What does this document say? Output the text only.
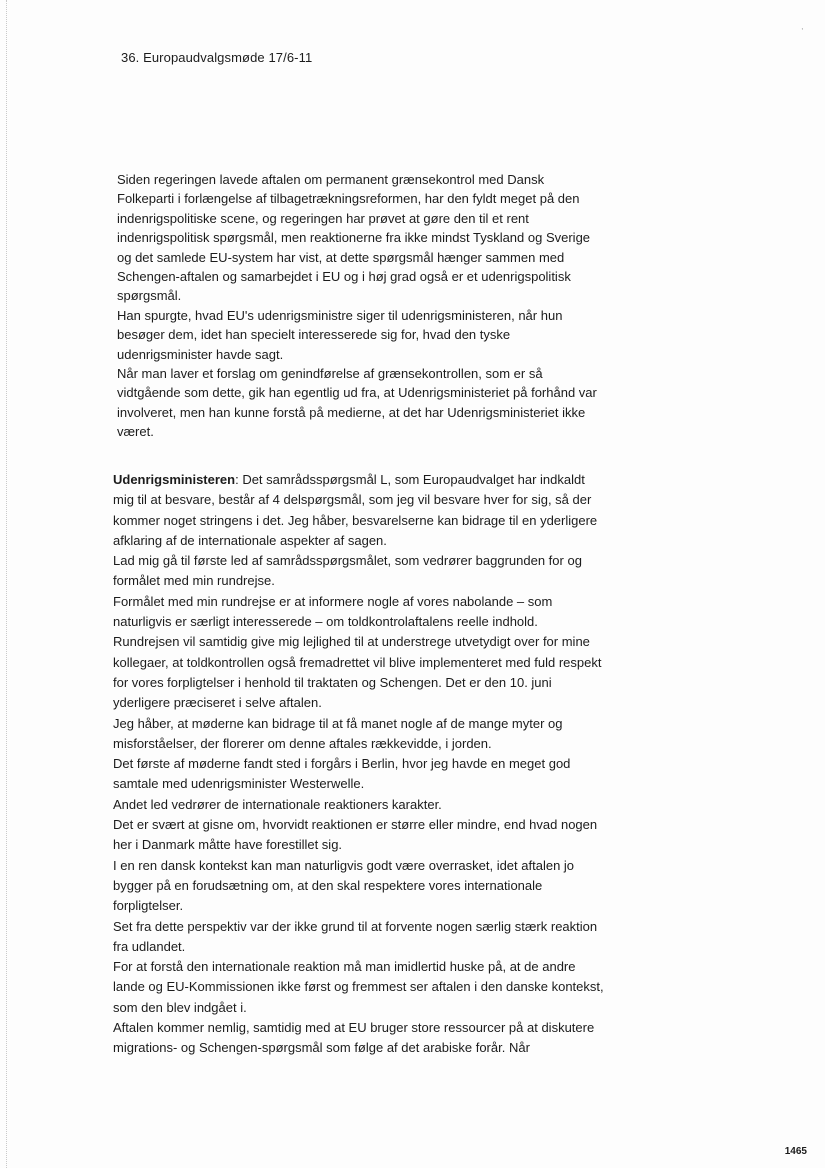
'
36. Europaudvalgsmøde 17/6-11

Siden regeringen lavede aftalen om permanent grænsekontrol med Dansk Folkeparti i forlængelse af tilbagetrækningsreformen, har den fyldt meget på den indenrigspolitiske scene, og regeringen har prøvet at gøre den til et rent indenrigspolitisk spørgsmål, men reaktionerne fra ikke mindst Tyskland og Sverige og det samlede EU-system har vist, at dette spørgsmål hænger sammen med Schengen-aftalen og samarbejdet i EU og i høj grad også er et udenrigspolitisk spørgsmål.

Han spurgte, hvad EU's udenrigsministre siger til udenrigsministeren, når hun besøger dem, idet han specielt interesserede sig for, hvad den tyske udenrigsminister havde sagt.

Når man laver et forslag om genindførelse af grænsekontrollen, som er så vidtgående som dette, gik han egentlig ud fra, at Udenrigsministeriet på forhånd var involveret, men han kunne forstå på medierne, at det har Udenrigsministeriet ikke været.

Udenrigsministeren: Det samrådsspørgsmål L, som Europaudvalget har indkaldt mig til at besvare, består af 4 delspørgsmål, som jeg vil besvare hver for sig, så der kommer noget stringens i det. Jeg håber, besvarelserne kan bidrage til en yderligere afklaring af de internationale aspekter af sagen.

Lad mig gå til første led af samrådsspørgsmålet, som vedrører baggrunden for og formålet med min rundrejse.

Formålet med min rundrejse er at informere nogle af vores nabolande – som naturligvis er særligt interesserede – om toldkontrolaftalens reelle indhold.

Rundrejsen vil samtidig give mig lejlighed til at understrege utvetydigt over for mine kollegaer, at toldkontrollen også fremadrettet vil blive implementeret med fuld respekt for vores forpligtelser i henhold til traktaten og Schengen. Det er den 10. juni yderligere præciseret i selve aftalen.

Jeg håber, at møderne kan bidrage til at få manet nogle af de mange myter og misforståelser, der florerer om denne aftales rækkevidde, i jorden.

Det første af møderne fandt sted i forgårs i Berlin, hvor jeg havde en meget god samtale med udenrigsminister Westerwelle.

Andet led vedrører de internationale reaktioners karakter.

Det er svært at gisne om, hvorvidt reaktionen er større eller mindre, end hvad nogen her i Danmark måtte have forestillet sig.

I en ren dansk kontekst kan man naturligvis godt være overrasket, idet aftalen jo bygger på en forudsætning om, at den skal respektere vores internationale forpligtelser.

Set fra dette perspektiv var der ikke grund til at forvente nogen særlig stærk reaktion fra udlandet.

For at forstå den internationale reaktion må man imidlertid huske på, at de andre lande og EU-Kommissionen ikke først og fremmest ser aftalen i den danske kontekst, som den blev indgået i.

Aftalen kommer nemlig, samtidig med at EU bruger store ressourcer på at diskutere migrations- og Schengen-spørgsmål som følge af det arabiske forår. Når

1465
